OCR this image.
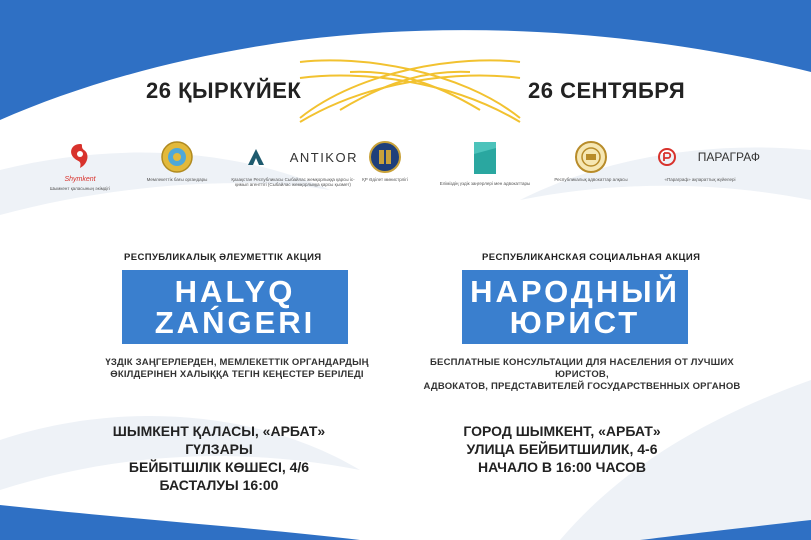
26 ҚЫРКҮЙЕК	26 СЕНТЯБРЯ
Shymkent
Шымкент қаласының әкімдігі
Мемлекеттік бағы органдары
ANTIKOR
Қазақстан Республикасы Сыбайлас жемқорлыққа қарсы іс-қимыл агенттігі (Сыбайлас жемқорлыққа қарсы қызмет)
ҚР Әділет министрлігі
Еліміздің үздік заңгерлері мен адвокаттары
Республикалық адвокаттар алқасы
ПАРАГРАФ
«Параграф» ақпараттық жүйелері
РЕСПУБЛИКАЛЫҚ ӘЛЕУМЕТТІК АКЦИЯ
HALYQ
ZAŃGERI
ҮЗДІК ЗАҢГЕРЛЕРДЕН, МЕМЛЕКЕТТІК ОРГАНДАРДЫҢ
ӨКІЛДЕРІНЕН ХАЛЫҚҚА ТЕГІН КЕҢЕСТЕР БЕРІЛЕДІ
ШЫМКЕНТ ҚАЛАСЫ, «АРБАТ» ГҮЛЗАРЫ
БЕЙБІТШІЛІК КӨШЕСІ, 4/6
БАСТАЛУЫ 16:00
РЕСПУБЛИКАНСКАЯ СОЦИАЛЬНАЯ АКЦИЯ
НАРОДНЫЙ
ЮРИСТ
БЕСПЛАТНЫЕ КОНСУЛЬТАЦИИ ДЛЯ НАСЕЛЕНИЯ ОТ ЛУЧШИХ ЮРИСТОВ,
АДВОКАТОВ, ПРЕДСТАВИТЕЛЕЙ ГОСУДАРСТВЕННЫХ ОРГАНОВ
ГОРОД ШЫМКЕНТ, «АРБАТ»
УЛИЦА БЕЙБИТШИЛИК, 4-6
НАЧАЛО В 16:00 ЧАСОВ
